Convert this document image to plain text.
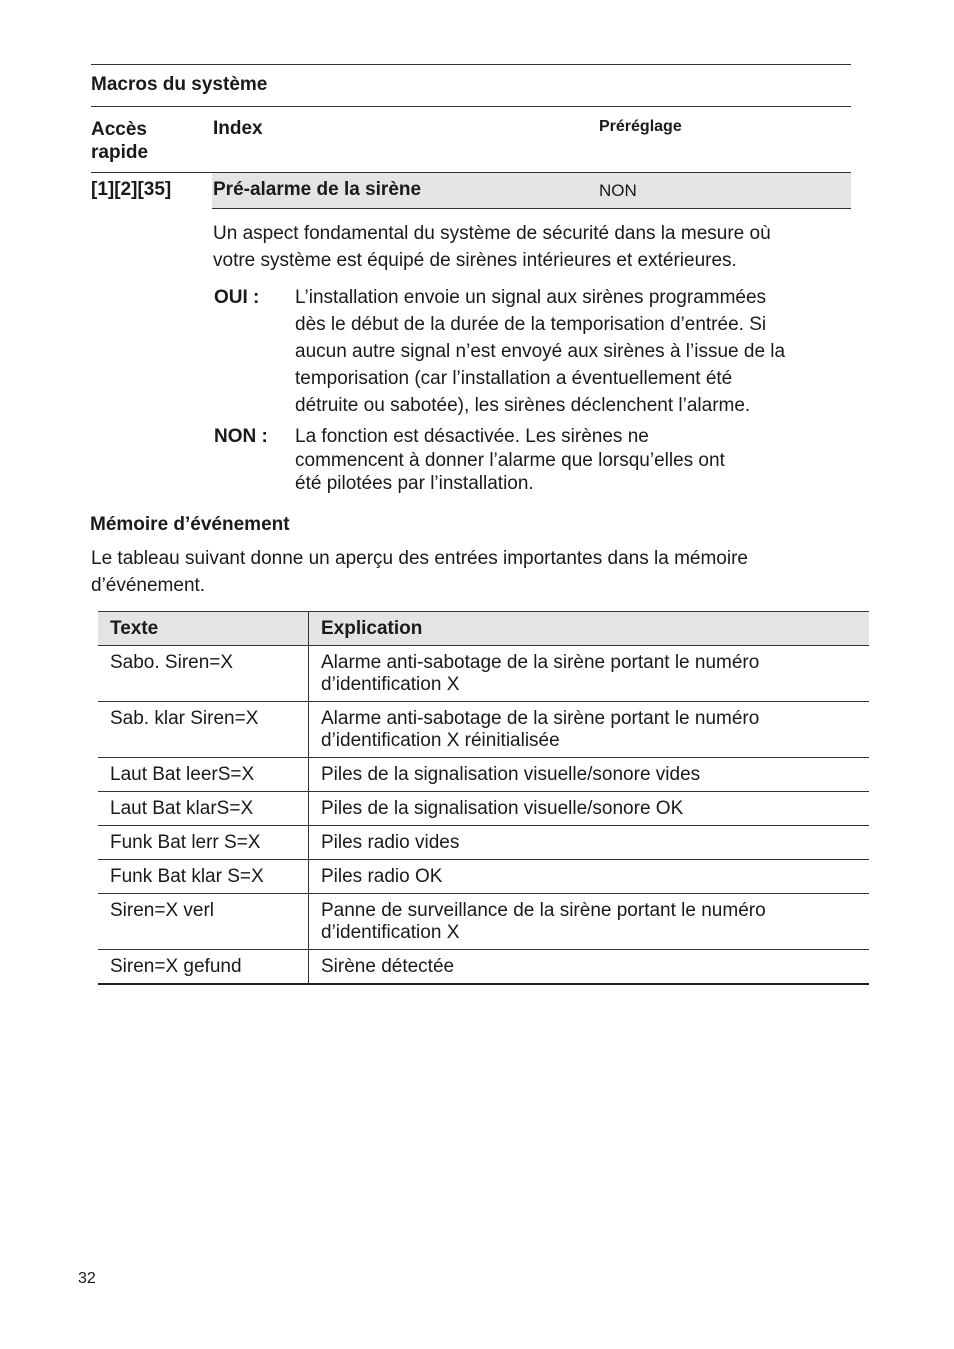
Macros du système
Accès
rapide
Index	Préréglage
[1][2][35] Pré-alarme de la sirène	NON
Un aspect fondamental du système de sécurité dans la mesure où
votre système est équipé de sirènes intérieures et extérieures.
OUI : L’installation envoie un signal aux sirènes programmées
dès le début de la durée de la temporisation d’entrée. Si
aucun autre signal n’est envoyé aux sirènes à l’issue de la
temporisation (car l’installation a éventuellement été
détruite ou sabotée), les sirènes déclenchent l’alarme.
NON : La fonction est désactivée. Les sirènes ne
commencent à donner l’alarme que lorsqu’elles ont
été pilotées par l’installation.
Mémoire d’événement
Le tableau suivant donne un aperçu des entrées importantes dans la mémoire
d’événement.
Texte	Explication
Sabo. Siren=X	Alarme anti-sabotage de la sirène portant le numéro
d’identification X
Sab. klar Siren=X	Alarme anti-sabotage de la sirène portant le numéro
d’identification X réinitialisée
Laut Bat leerS=X	Piles de la signalisation visuelle/sonore vides
Laut Bat klarS=X	Piles de la signalisation visuelle/sonore OK
Funk Bat lerr S=X	Piles radio vides
Funk Bat klar S=X	Piles radio OK
Siren=X verl	Panne de surveillance de la sirène portant le numéro
d’identification X
Siren=X gefund	Sirène détectée
32
